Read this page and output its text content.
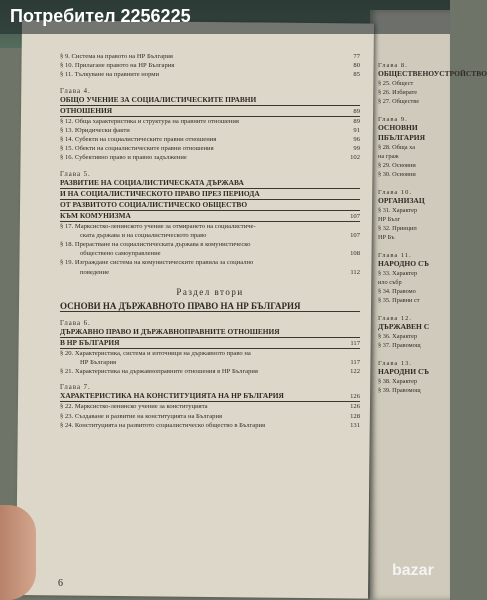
§ 9. Система на правото на НР България	77
§ 10. Прилагане правото на НР България	80
§ 11. Тълкуване на правните норми	85
Глава 4.
ОБЩО УЧЕНИЕ ЗА СОЦИАЛИСТИЧЕСКИТЕ ПРАВНИ
ОТНОШЕНИЯ	89
§ 12. Обща характеристика и структура на правните отношения	89
§ 13. Юридически факти	91
§ 14. Субекти на социалистическите правни отношения	96
§ 15. Обекти на социалистическите правни отношения	99
§ 16. Субективно право и правно задължение	102
Глава 5.
РАЗВИТИЕ НА СОЦИАЛИСТИЧЕСКАТА ДЪРЖАВА
И НА СОЦИАЛИСТИЧЕСКОТО ПРАВО ПРЕЗ ПЕРИОДА
ОТ РАЗВИТОТО СОЦИАЛИСТИЧЕСКО ОБЩЕСТВО
КЪМ КОМУНИЗМА	107
§ 17. Марксистко-ленинското учение за отмирането на социалистиче-
ската държава и на социалистическото право	107
§ 18. Прерастване на социалистическата държава в комунистическо
обществено самоуправление	108
§ 19. Изграждане система на комунистическите правила за социално
поведение	112
Раздел втори
ОСНОВИ НА ДЪРЖАВНОТО ПРАВО НА НР БЪЛГАРИЯ
Глава 6.
ДЪРЖАВНО ПРАВО И ДЪРЖАВНОПРАВНИТЕ ОТНОШЕНИЯ
В НР БЪЛГАРИЯ	117
§ 20. Характеристика, система и източници на държавното право на
НР България	117
§ 21. Характеристика на държавноправните отношения в НР България	122
Глава 7.
ХАРАКТЕРИСТИКА НА КОНСТИТУЦИЯТА НА НР БЪЛГАРИЯ	126
§ 22. Марксистко-ленинско учение за конституцията	126
§ 23. Създаване и развитие на конституцията на България	128
§ 24. Конституцията на развитото социалистическо общество в България	131
6
Глава 8.
ОБЩЕСТВЕНОУСТРОЙСТВО
§ 25. Общест
§ 26. Избирате
§ 27. Обществе
Глава 9.
ОСНОВНИ ПБЪЛГАРИЯ
§ 28. Обща ха
на граж
§ 29. Основни
§ 30. Основни
Глава 10.
ОРГАНИЗАЦ
§ 31. Характер
НР Бълг
§ 32. Принцип
НР Бъ
Глава 11.
НАРОДНО СЪ
§ 33. Характер
ило събр
§ 34. Правомо
§ 35. Правни ст
Глава 12.
ДЪРЖАВЕН С
§ 36. Характер
§ 37. Правомощ
Глава 13.
НАРОДНИ СЪ
§ 38. Характер
§ 39. Правомощ
Потребител 2256225
bazar
